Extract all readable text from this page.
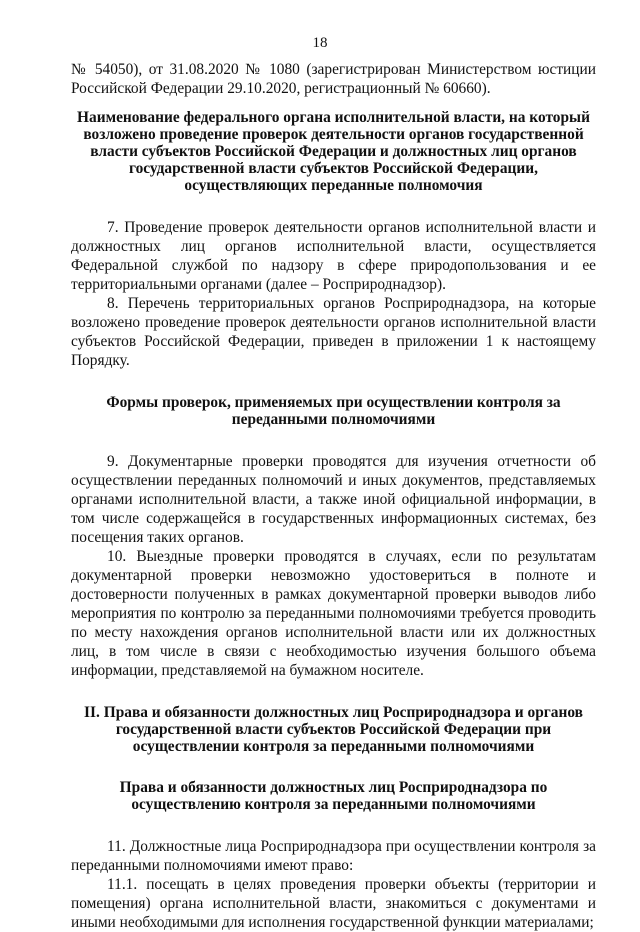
18

№ 54050), от 31.08.2020 № 1080 (зарегистрирован Министерством юстиции Российской Федерации 29.10.2020, регистрационный № 60660).

Наименование федерального органа исполнительной власти, на который возложено проведение проверок деятельности органов государственной власти субъектов Российской Федерации и должностных лиц органов государственной власти субъектов Российской Федерации, осуществляющих переданные полномочия

7. Проведение проверок деятельности органов исполнительной власти и должностных лиц органов исполнительной власти, осуществляется Федеральной службой по надзору в сфере природопользования и ее территориальными органами (далее – Росприроднадзор).

8. Перечень территориальных органов Росприроднадзора, на которые возложено проведение проверок деятельности органов исполнительной власти субъектов Российской Федерации, приведен в приложении 1 к настоящему Порядку.

Формы проверок, применяемых при осуществлении контроля за переданными полномочиями

9. Документарные проверки проводятся для изучения отчетности об осуществлении переданных полномочий и иных документов, представляемых органами исполнительной власти, а также иной официальной информации, в том числе содержащейся в государственных информационных системах, без посещения таких органов.

10. Выездные проверки проводятся в случаях, если по результатам документарной проверки невозможно удостовериться в полноте и достоверности полученных в рамках документарной проверки выводов либо мероприятия по контролю за переданными полномочиями требуется проводить по месту нахождения органов исполнительной власти или их должностных лиц, в том числе в связи с необходимостью изучения большого объема информации, представляемой на бумажном носителе.

II. Права и обязанности должностных лиц Росприроднадзора и органов государственной власти субъектов Российской Федерации при осуществлении контроля за переданными полномочиями

Права и обязанности должностных лиц Росприроднадзора по осуществлению контроля за переданными полномочиями

11. Должностные лица Росприроднадзора при осуществлении контроля за переданными полномочиями имеют право:

11.1. посещать в целях проведения проверки объекты (территории и помещения) органа исполнительной власти, знакомиться с документами и иными необходимыми для исполнения государственной функции материалами;
